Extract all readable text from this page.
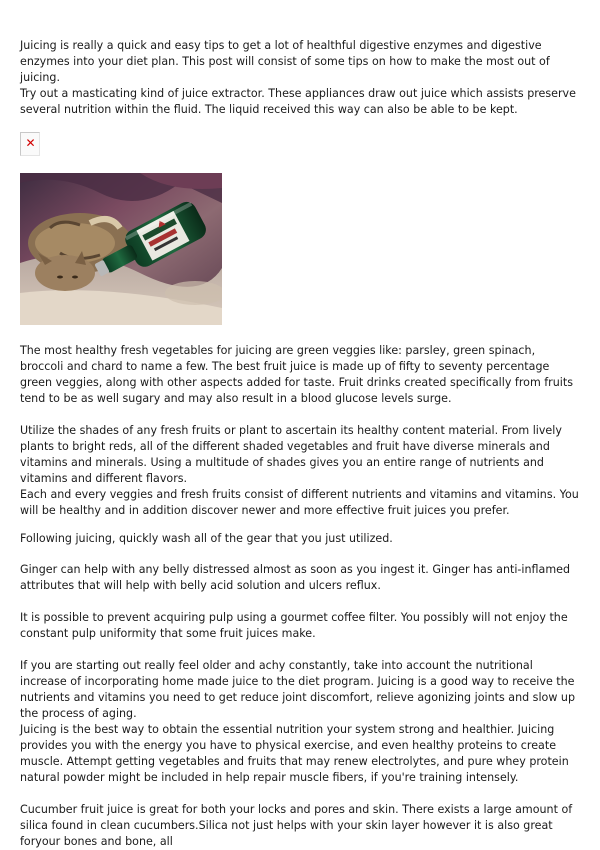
Juicing is really a quick and easy tips to get a lot of healthful digestive enzymes and digestive enzymes into your diet plan. This post will consist of some tips on how to make the most out of juicing.

Try out a masticating kind of juice extractor. These appliances draw out juice which assists preserve several nutrition within the fluid. The liquid received this way can also be able to be kept.

✕

The most healthy fresh vegetables for juicing are green veggies like: parsley, green spinach, broccoli and chard to name a few. The best fruit juice is made up of fifty to seventy percentage green veggies, along with other aspects added for taste. Fruit drinks created specifically from fruits tend to be as well sugary and may also result in a blood glucose levels surge.

Utilize the shades of any fresh fruits or plant to ascertain its healthy content material. From lively plants to bright reds, all of the different shaded vegetables and fruit have diverse minerals and vitamins and minerals. Using a multitude of shades gives you an entire range of nutrients and vitamins and different flavors.

Each and every veggies and fresh fruits consist of different nutrients and vitamins and vitamins. You will be healthy and in addition discover newer and more effective fruit juices you prefer.

Following juicing, quickly wash all of the gear that you just utilized.

Ginger can help with any belly distressed almost as soon as you ingest it. Ginger has anti-inflamed attributes that will help with belly acid solution and ulcers reflux.

It is possible to prevent acquiring pulp using a gourmet coffee filter. You possibly will not enjoy the constant pulp uniformity that some fruit juices make.

If you are starting out really feel older and achy constantly, take into account the nutritional increase of incorporating home made juice to the diet program. Juicing is a good way to receive the nutrients and vitamins you need to get reduce joint discomfort, relieve agonizing joints and slow up the process of aging.

Juicing is the best way to obtain the essential nutrition your system strong and healthier. Juicing provides you with the energy you have to physical exercise, and even healthy proteins to create muscle. Attempt getting vegetables and fruits that may renew electrolytes, and pure whey protein natural powder might be included in help repair muscle fibers, if you're training intensely.

Cucumber fruit juice is great for both your locks and pores and skin. There exists a large amount of silica found in clean cucumbers.Silica not just helps with your skin layer however it is also great foryour bones and bone, all
